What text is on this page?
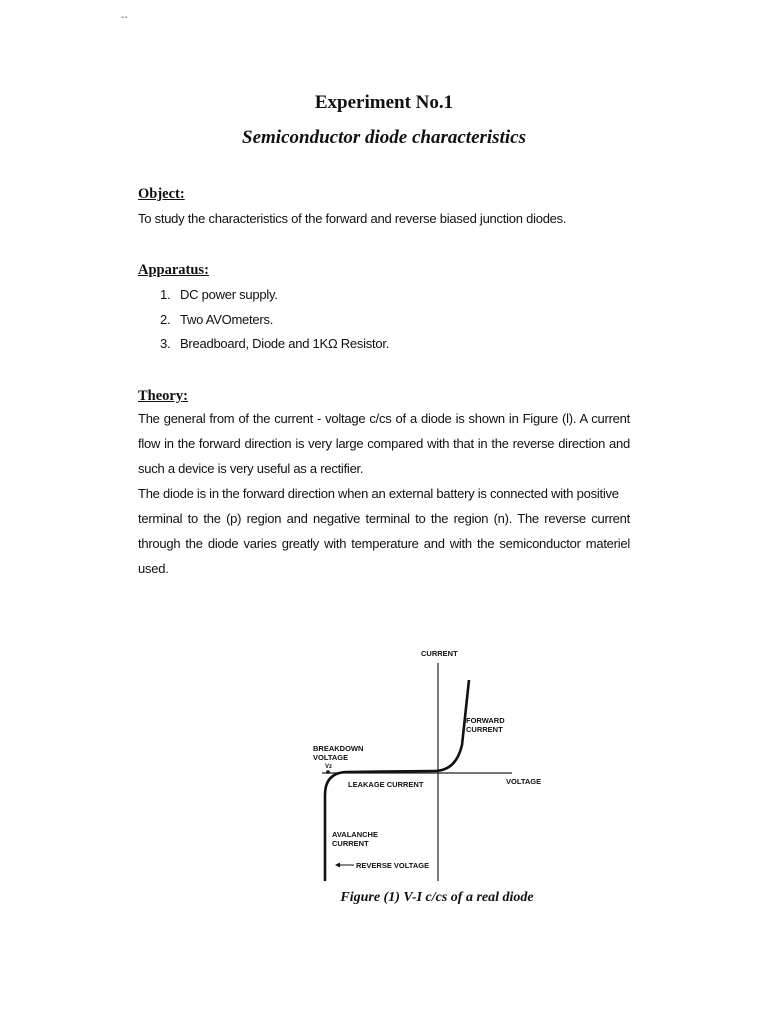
--
Experiment No.1
Semiconductor diode characteristics
Object:
To study the characteristics of the forward and reverse biased junction diodes.
Apparatus:
1. DC power supply.
2. Two AVOmeters.
3. Breadboard, Diode and 1KΩ Resistor.
Theory:

The general from of the current - voltage c/cs of a diode is shown in Figure (l). A current flow in the forward direction is very large compared with that in the reverse direction and such a device is very useful as a rectifier.

The diode is in the forward direction when an external battery is connected with positive

terminal to the (p) region and negative terminal to the region (n). The reverse current through the diode varies greatly with temperature and with the semiconductor materiel used.

CURRENT
FORWARD
CURRENT
BREAKDOWN
VOLTAGE
Vz
VOLTAGE
LEAKAGE CURRENT
AVALANCHE
CURRENT
REVERSE VOLTAGE
Figure (1) V-I c/cs of a real diode
